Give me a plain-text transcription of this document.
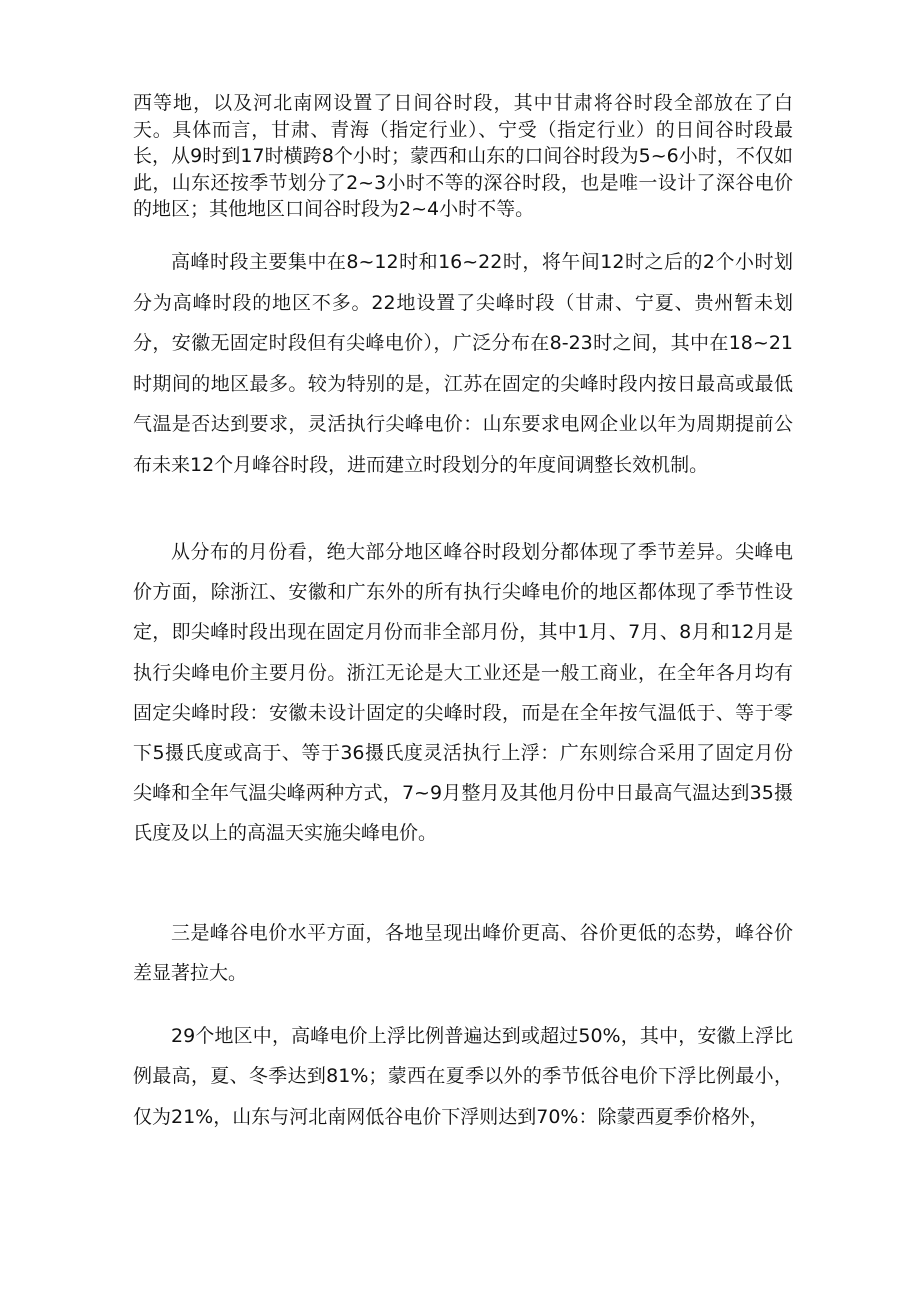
西等地，以及河北南网设置了日间谷时段，其中甘肃将谷时段全部放在了白天。具体而言，甘肃、青海（指定行业）、宁受（指定行业）的日间谷时段最长，从9时到17时横跨8个小时；蒙西和山东的口间谷时段为5~6小时，不仅如此，山东还按季节划分了2~3小时不等的深谷时段，也是唯一设计了深谷电价的地区；其他地区口间谷时段为2~4小时不等。

高峰时段主要集中在8~12时和16~22时，将午间12时之后的2个小时划分为高峰时段的地区不多。22地设置了尖峰时段（甘肃、宁夏、贵州暂未划分，安徽无固定时段但有尖峰电价），广泛分布在8-23时之间，其中在18~21时期间的地区最多。较为特别的是，江苏在固定的尖峰时段内按日最高或最低气温是否达到要求，灵活执行尖峰电价：山东要求电网企业以年为周期提前公布未来12个月峰谷时段，进而建立时段划分的年度间调整长效机制。

从分布的月份看，绝大部分地区峰谷时段划分都体现了季节差异。尖峰电价方面，除浙江、安徽和广东外的所有执行尖峰电价的地区都体现了季节性设定，即尖峰时段出现在固定月份而非全部月份，其中1月、7月、8月和12月是执行尖峰电价主要月份。浙江无论是大工业还是一般工商业，在全年各月均有固定尖峰时段：安徽未设计固定的尖峰时段，而是在全年按气温低于、等于零下5摄氏度或高于、等于36摄氏度灵活执行上浮：广东则综合采用了固定月份尖峰和全年气温尖峰两种方式，7~9月整月及其他月份中日最高气温达到35摄氏度及以上的高温天实施尖峰电价。

三是峰谷电价水平方面，各地呈现出峰价更高、谷价更低的态势，峰谷价差显著拉大。

29个地区中，高峰电价上浮比例普遍达到或超过50%，其中，安徽上浮比例最高，夏、冬季达到81%；蒙西在夏季以外的季节低谷电价下浮比例最小，仅为21%，山东与河北南网低谷电价下浮则达到70%：除蒙西夏季价格外，
